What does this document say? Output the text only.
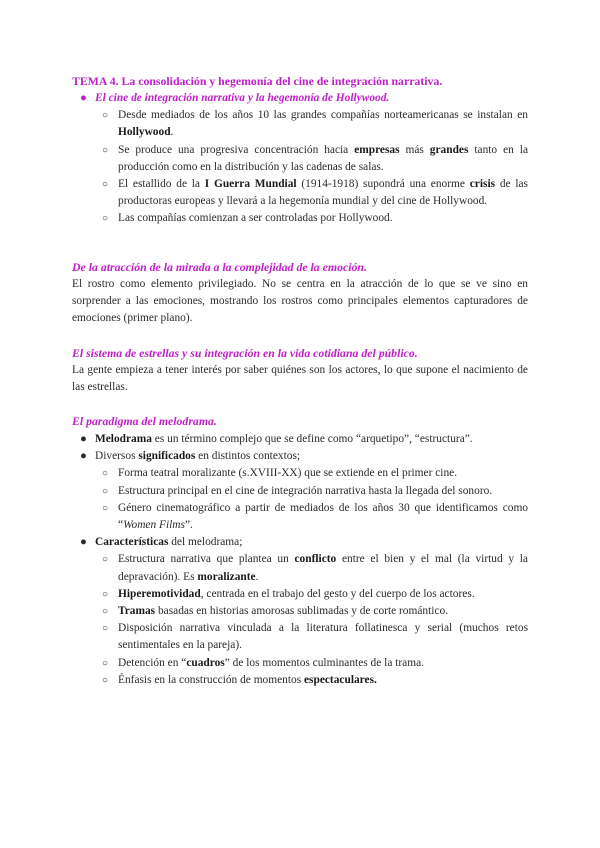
TEMA 4. La consolidación y hegemonía del cine de integración narrativa.

● El cine de integración narrativa y la hegemonía de Hollywood.
○ Desde mediados de los años 10 las grandes compañías norteamericanas se instalan en Hollywood.
○ Se produce una progresiva concentración hacia empresas más grandes tanto en la producción como en la distribución y las cadenas de salas.
○ El estallido de la I Guerra Mundial (1914-1918) supondrá una enorme crisis de las productoras europeas y llevará a la hegemonía mundial y del cine de Hollywood.
○ Las compañías comienzan a ser controladas por Hollywood.

De la atracción de la mirada a la complejidad de la emoción.

El rostro como elemento privilegiado. No se centra en la atracción de lo que se ve sino en sorprender a las emociones, mostrando los rostros como principales elementos capturadores de emociones (primer plano).

El sistema de estrellas y su integración en la vida cotidiana del público.

La gente empieza a tener interés por saber quiénes son los actores, lo que supone el nacimiento de las estrellas.

El paradigma del melodrama.

● Melodrama es un término complejo que se define como “arquetipo”, “estructura”.
● Diversos significados en distintos contextos;
○ Forma teatral moralizante (s.XVIII-XX) que se extiende en el primer cine.
○ Estructura principal en el cine de integración narrativa hasta la llegada del sonoro.
○ Género cinematográfico a partir de mediados de los años 30 que identificamos como “Women Films”.
● Características del melodrama;
○ Estructura narrativa que plantea un conflicto entre el bien y el mal (la virtud y la depravación). Es moralizante.
○ Hiperemotividad, centrada en el trabajo del gesto y del cuerpo de los actores.
○ Tramas basadas en historias amorosas sublimadas y de corte romántico.
○ Disposición narrativa vinculada a la literatura follatinesca y serial (muchos retos sentimentales en la pareja).
○ Detención en “cuadros” de los momentos culminantes de la trama.
○ Énfasis en la construcción de momentos espectaculares.
